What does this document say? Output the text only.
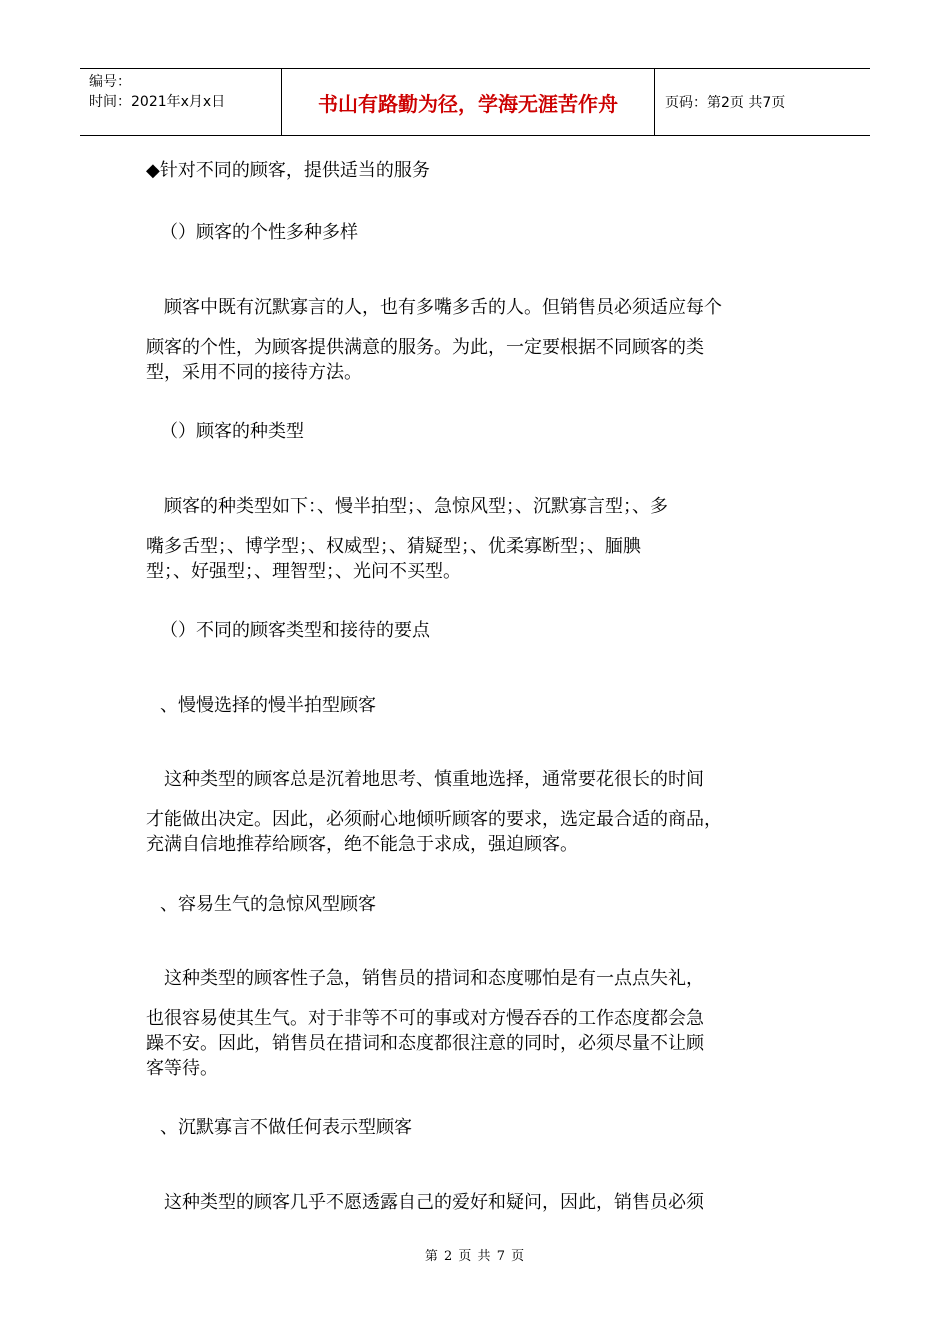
编号：
时间：2021年x月x日	书山有路勤为径，学海无涯苦作舟	页码：第2页 共7页
◆针对不同的顾客，提供适当的服务
（）顾客的个性多种多样
顾客中既有沉默寡言的人，也有多嘴多舌的人。但销售员必须适应每个
顾客的个性，为顾客提供满意的服务。为此，一定要根据不同顾客的类
型，采用不同的接待方法。
（）顾客的种类型
顾客的种类型如下：、慢半拍型；、急惊风型；、沉默寡言型；、多
嘴多舌型；、博学型；、权威型；、猜疑型；、优柔寡断型；、腼腆
型；、好强型；、理智型；、光问不买型。
（）不同的顾客类型和接待的要点
、慢慢选择的慢半拍型顾客
这种类型的顾客总是沉着地思考、慎重地选择，通常要花很长的时间
才能做出决定。因此，必须耐心地倾听顾客的要求，选定最合适的商品，
充满自信地推荐给顾客，绝不能急于求成，强迫顾客。
、容易生气的急惊风型顾客
这种类型的顾客性子急，销售员的措词和态度哪怕是有一点点失礼，
也很容易使其生气。对于非等不可的事或对方慢吞吞的工作态度都会急
躁不安。因此，销售员在措词和态度都很注意的同时，必须尽量不让顾
客等待。
、沉默寡言不做任何表示型顾客
这种类型的顾客几乎不愿透露自己的爱好和疑问，因此，销售员必须
第 2 页 共 7 页
